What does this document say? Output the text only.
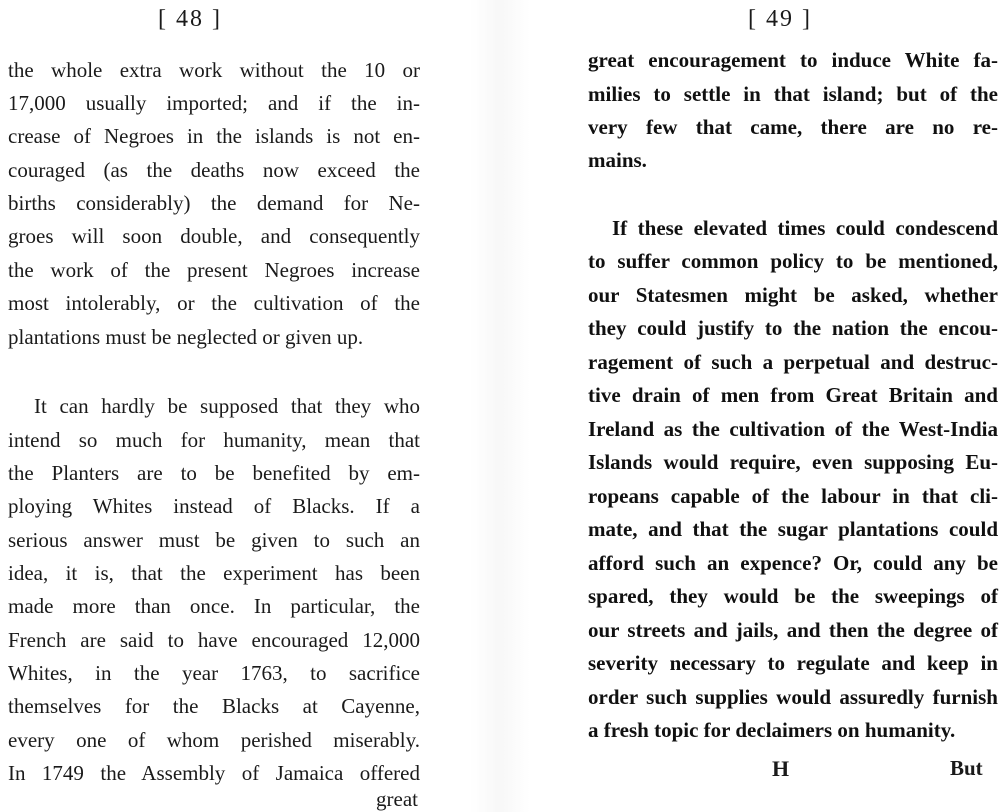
[ 48 ]
the whole extra work without the 10 or
17,000 usually imported; and if the in-
crease of Negroes in the islands is not en-
couraged (as the deaths now exceed the
births considerably) the demand for Ne-
groes will soon double, and consequently
the work of the present Negroes increase
most intolerably, or the cultivation of the
plantations must be neglected or given up.
It can hardly be supposed that they who
intend so much for humanity, mean that
the Planters are to be benefited by em-
ploying Whites instead of Blacks. If a
serious answer must be given to such an
idea, it is, that the experiment has been
made more than once. In particular, the
French are said to have encouraged 12,000
Whites, in the year 1763, to sacrifice
themselves for the Blacks at Cayenne,
every one of whom perished miserably.
In 1749 the Assembly of Jamaica offered
great
[ 49 ]
great encouragement to induce White fa-
milies to settle in that island; but of the
very few that came, there are no re-
mains.
If these elevated times could condescend
to suffer common policy to be mentioned,
our Statesmen might be asked, whether
they could justify to the nation the encou-
ragement of such a perpetual and destruc-
tive drain of men from Great Britain and
Ireland as the cultivation of the West-India
Islands would require, even supposing Eu-
ropeans capable of the labour in that cli-
mate, and that the sugar plantations could
afford such an expence? Or, could any be
spared, they would be the sweepings of
our streets and jails, and then the degree of
severity necessary to regulate and keep in
order such supplies would assuredly furnish
a fresh topic for declaimers on humanity.
H	But
